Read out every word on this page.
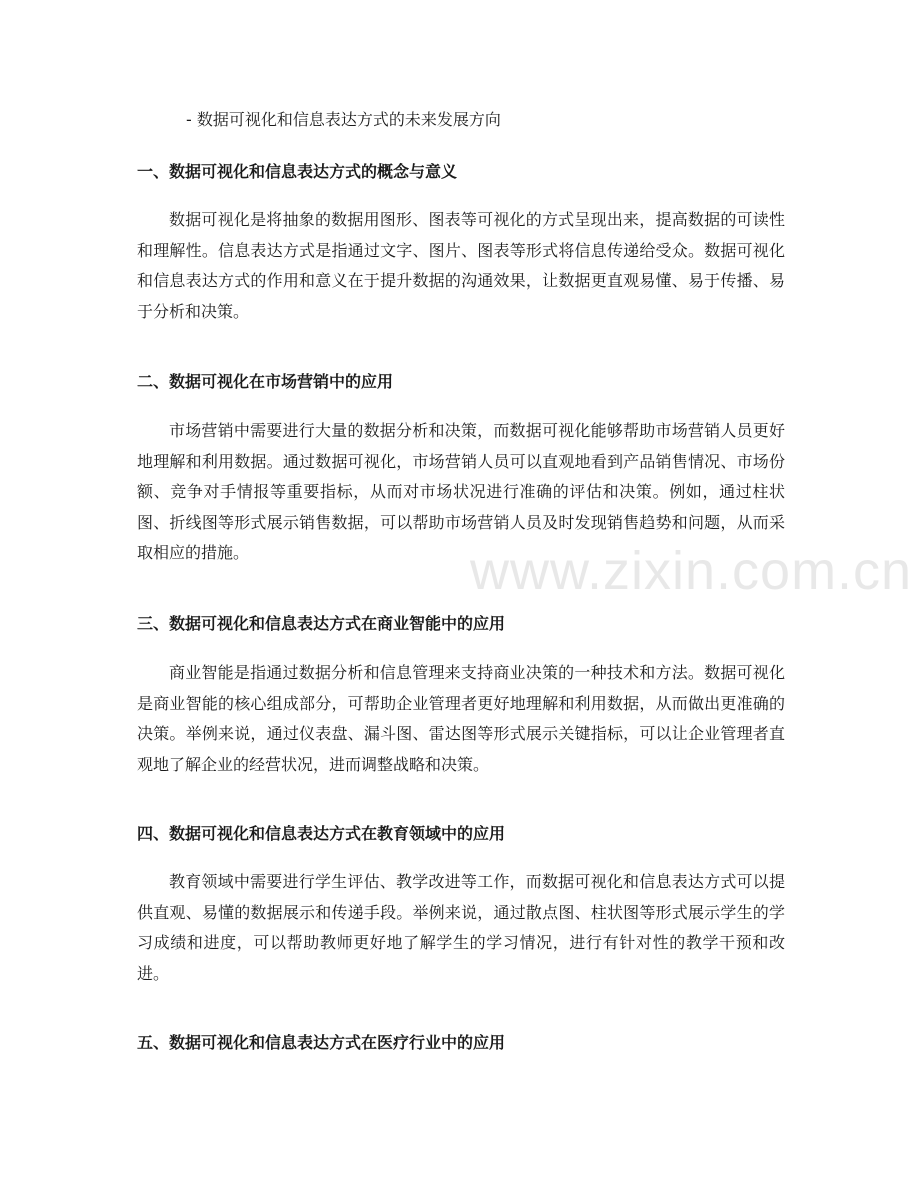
- 数据可视化和信息表达方式的未来发展方向
一、数据可视化和信息表达方式的概念与意义

数据可视化是将抽象的数据用图形、图表等可视化的方式呈现出来，提高数据的可读性和理解性。信息表达方式是指通过文字、图片、图表等形式将信息传递给受众。数据可视化和信息表达方式的作用和意义在于提升数据的沟通效果，让数据更直观易懂、易于传播、易于分析和决策。

二、数据可视化在市场营销中的应用

市场营销中需要进行大量的数据分析和决策，而数据可视化能够帮助市场营销人员更好地理解和利用数据。通过数据可视化，市场营销人员可以直观地看到产品销售情况、市场份额、竞争对手情报等重要指标，从而对市场状况进行准确的评估和决策。例如，通过柱状图、折线图等形式展示销售数据，可以帮助市场营销人员及时发现销售趋势和问题，从而采取相应的措施。

三、数据可视化和信息表达方式在商业智能中的应用

商业智能是指通过数据分析和信息管理来支持商业决策的一种技术和方法。数据可视化是商业智能的核心组成部分，可帮助企业管理者更好地理解和利用数据，从而做出更准确的决策。举例来说，通过仪表盘、漏斗图、雷达图等形式展示关键指标，可以让企业管理者直观地了解企业的经营状况，进而调整战略和决策。

四、数据可视化和信息表达方式在教育领域中的应用

教育领域中需要进行学生评估、教学改进等工作，而数据可视化和信息表达方式可以提供直观、易懂的数据展示和传递手段。举例来说，通过散点图、柱状图等形式展示学生的学习成绩和进度，可以帮助教师更好地了解学生的学习情况，进行有针对性的教学干预和改进。

五、数据可视化和信息表达方式在医疗行业中的应用
www.zixin.com.cn
